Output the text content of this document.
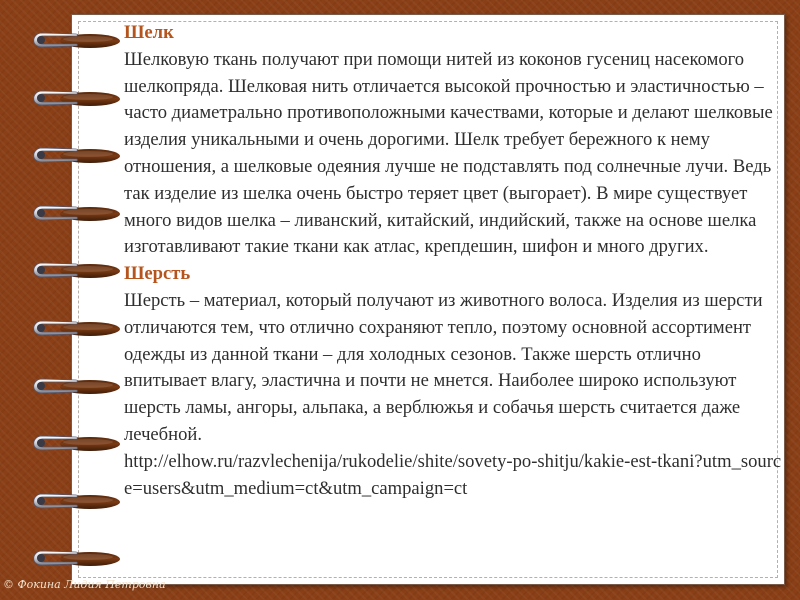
Шелк

Шелковую ткань получают при помощи нитей из коконов гусениц насекомого шелкопряда. Шелковая нить отличается высокой прочностью и эластичностью – часто диаметрально противоположными качествами, которые и делают шелковые изделия уникальными и очень дорогими. Шелк требует бережного к нему отношения, а шелковые одеяния лучше не подставлять под солнечные лучи. Ведь так изделие из шелка очень быстро теряет цвет (выгорает). В мире существует много видов шелка – ливанский, китайский, индийский, также на основе шелка изготавливают такие ткани как атлас, крепдешин, шифон и много других.

Шерсть

Шерсть – материал, который получают из животного волоса. Изделия из шерсти отличаются тем, что отлично сохраняют тепло, поэтому основной ассортимент одежды из данной ткани – для холодных сезонов. Также шерсть отлично впитывает влагу, эластична и почти не мнется. Наиболее широко используют шерсть ламы, ангоры, альпака, а верблюжья и собачья шерсть считается даже лечебной.

http://elhow.ru/razvlechenija/rukodelie/shite/sovety-po-shitju/kakie-est-tkani?utm_source=users&utm_medium=ct&utm_campaign=ct

© Фокина Лидия Петровна
